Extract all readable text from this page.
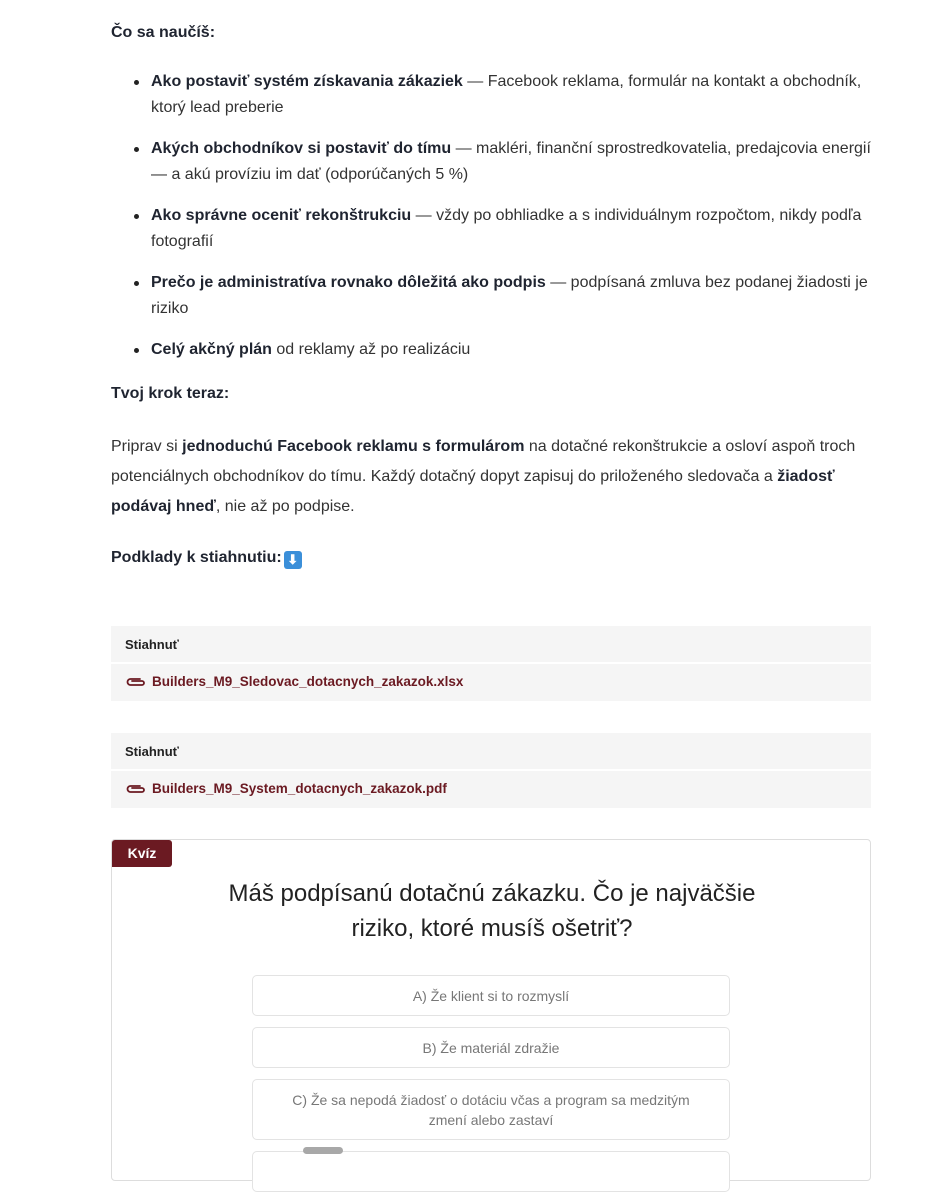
Čo sa naučíš:
Ako postaviť systém získavania zákaziek — Facebook reklama, formulár na kontakt a obchodník, ktorý lead preberie
Akých obchodníkov si postaviť do tímu — makléri, finanční sprostredkovatelia, predajcovia energií — a akú províziu im dať (odporúčaných 5 %)
Ako správne oceniť rekonštrukciu — vždy po obhliadke a s individuálnym rozpočtom, nikdy podľa fotografií
Prečo je administratíva rovnako dôležitá ako podpis — podpísaná zmluva bez podanej žiadosti je riziko
Celý akčný plán od reklamy až po realizáciu
Tvoj krok teraz:
Priprav si jednoduchú Facebook reklamu s formulárom na dotačné rekonštrukcie a osloví aspoň troch potenciálnych obchodníkov do tímu. Každý dotačný dopyt zapisuj do priloženého sledovača a žiadosť podávaj hneď, nie až po podpise.
Podklady k stiahnutiu: ⬇
Stiahnuť
Builders_M9_Sledovac_dotacnych_zakazok.xlsx
Stiahnuť
Builders_M9_System_dotacnych_zakazok.pdf
Kvíz
Máš podpísanú dotačnú zákazku. Čo je najväčšie riziko, ktoré musíš ošetriť?
A) Že klient si to rozmyslí
B) Že materiál zdražie
C) Že sa nepodá žiadosť o dotáciu včas a program sa medzitým zmení alebo zastaví
